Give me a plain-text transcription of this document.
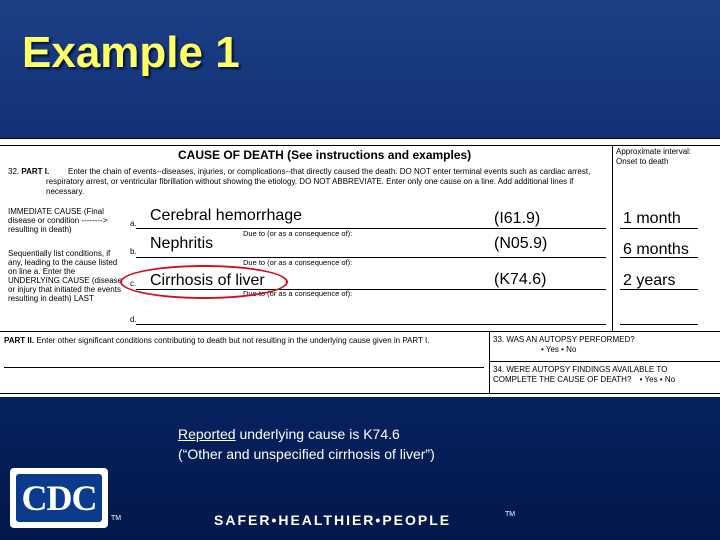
Example 1
32. PART I.
CAUSE OF DEATH (See instructions and examples)
Enter the chain of events--diseases, injuries, or complications--that directly caused the death. DO NOT enter terminal events such as cardiac arrest,
respiratory arrest, or ventricular fibrillation without showing the etiology. DO NOT ABBREVIATE. Enter only one cause on a line. Add additional lines if
necessary.
Approximate interval:
Onset to death
IMMEDIATE CAUSE (Final disease or condition --------> resulting in death)
Sequentially list conditions, if any, leading to the cause listed on line a. Enter the UNDERLYING CAUSE (disease or injury that initiated the events resulting in death) LAST
a. Cerebral hemorrhage	(I61.9)	1 month
Due to (or as a consequence of):
b. Nephritis	(N05.9)	6 months
Due to (or as a consequence of):
c. Cirrhosis of liver	(K74.6)	2 years
Due to (or as a consequence of):
d.
PART II. Enter other significant conditions contributing to death but not resulting in the underlying cause given in PART I.	33. WAS AN AUTOPSY PERFORMED?
• Yes • No
34. WERE AUTOPSY FINDINGS AVAILABLE TO
COMPLETE THE CAUSE OF DEATH? • Yes • No
Reported underlying cause is K74.6
(“Other and unspecified cirrhosis of liver”)
CDC
TM	SAFER•HEALTHIER•PEOPLE	TM
